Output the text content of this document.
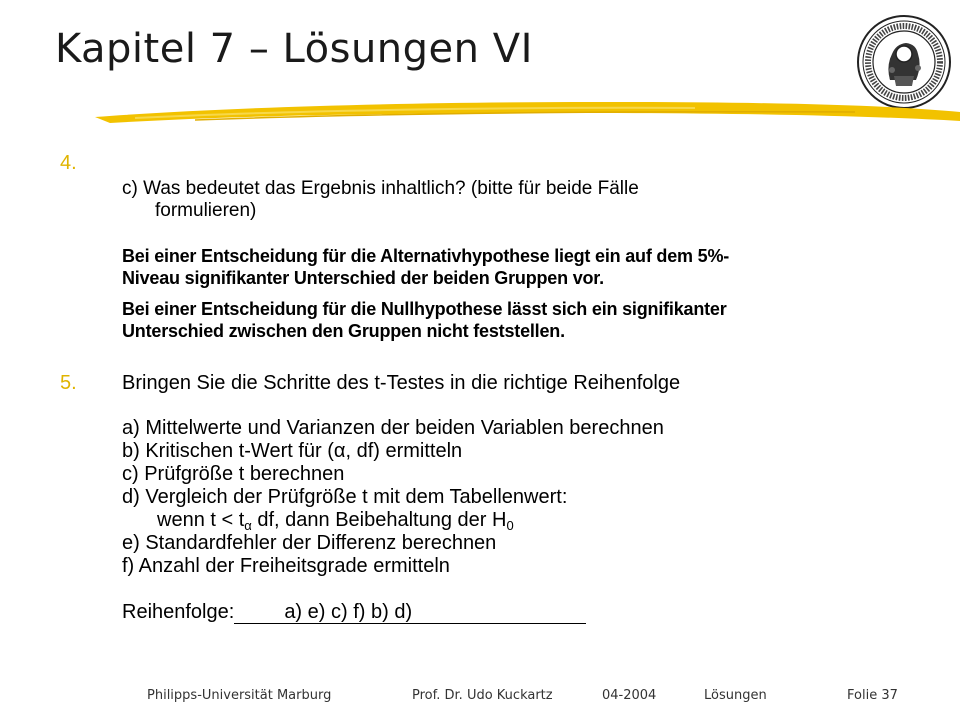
Kapitel 7 – Lösungen VI
4.
c) Was bedeutet das Ergebnis inhaltlich? (bitte für beide Fälle
formulieren)
Bei einer Entscheidung für die Alternativhypothese liegt ein auf dem 5%-
Niveau signifikanter Unterschied der beiden Gruppen vor.
Bei einer Entscheidung für die Nullhypothese lässt sich ein signifikanter
Unterschied zwischen den Gruppen nicht feststellen.
5. Bringen Sie die Schritte des t-Testes in die richtige Reihenfolge
a) Mittelwerte und Varianzen der beiden Variablen berechnen
b) Kritischen t-Wert für (α, df) ermitteln
c) Prüfgröße t berechnen
d) Vergleich der Prüfgröße t mit dem Tabellenwert:
wenn $t < t_\alpha$ df, dann Beibehaltung der $H_0$
e) Standardfehler der Differenz berechnen
f) Anzahl der Freiheitsgrade ermitteln
Reihenfolge:	a) e) c) f) b) d)
Philipps-Universität Marburg	Prof. Dr. Udo Kuckartz	04-2004	Lösungen	Folie 37
